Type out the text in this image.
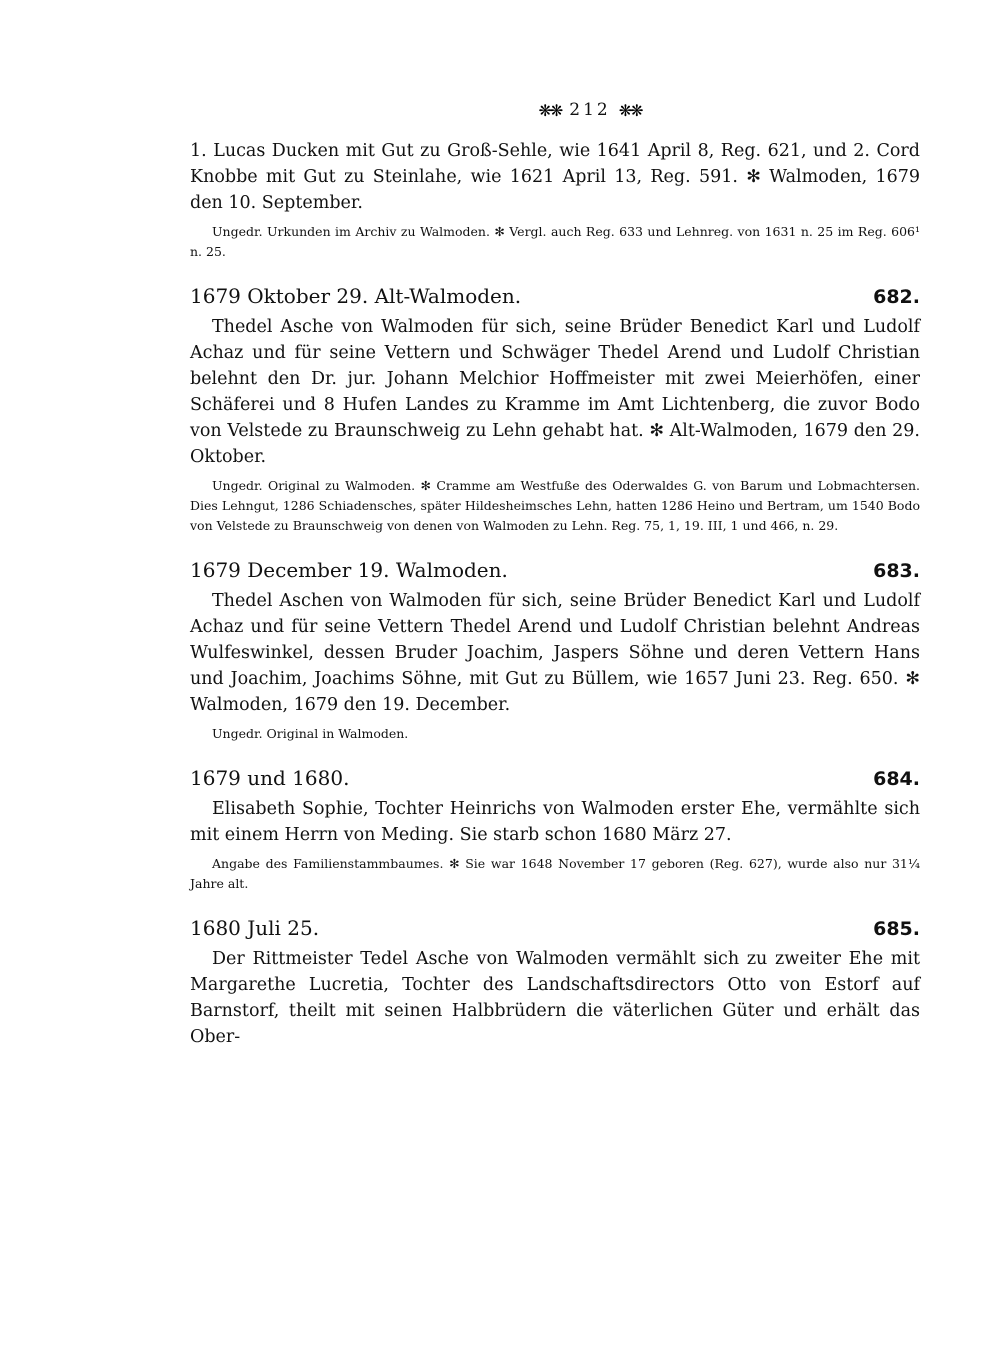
❋❋ 212 ❋❋

1. Lucas Ducken mit Gut zu Groß-Sehle, wie 1641 April 8, Reg. 621, und 2. Cord Knobbe mit Gut zu Steinlahe, wie 1621 April 13, Reg. 591. ✻ Walmoden, 1679 den 10. September.

Ungedr. Urkunden im Archiv zu Walmoden. ✻ Vergl. auch Reg. 633 und Lehnreg. von 1631 n. 25 im Reg. 606¹ n. 25.

1679 Oktober 29. Alt-Walmoden.	682.

Thedel Asche von Walmoden für sich, seine Brüder Benedict Karl und Ludolf Achaz und für seine Vettern und Schwäger Thedel Arend und Ludolf Christian belehnt den Dr. jur. Johann Melchior Hoffmeister mit zwei Meierhöfen, einer Schäferei und 8 Hufen Landes zu Kramme im Amt Lichtenberg, die zuvor Bodo von Velstede zu Braunschweig zu Lehn gehabt hat. ✻ Alt-Walmoden, 1679 den 29. Oktober.

Ungedr. Original zu Walmoden. ✻ Cramme am Westfuße des Oderwaldes G. von Barum und Lobmachtersen. Dies Lehngut, 1286 Schiadensches, später Hildesheimsches Lehn, hatten 1286 Heino und Bertram, um 1540 Bodo von Velstede zu Braunschweig von denen von Walmoden zu Lehn. Reg. 75, 1, 19. III, 1 und 466, n. 29.

1679 December 19. Walmoden.	683.

Thedel Aschen von Walmoden für sich, seine Brüder Benedict Karl und Ludolf Achaz und für seine Vettern Thedel Arend und Ludolf Christian belehnt Andreas Wulfeswinkel, dessen Bruder Joachim, Jaspers Söhne und deren Vettern Hans und Joachim, Joachims Söhne, mit Gut zu Büllem, wie 1657 Juni 23. Reg. 650. ✻ Walmoden, 1679 den 19. December.

Ungedr. Original in Walmoden.

1679 und 1680.	684.

Elisabeth Sophie, Tochter Heinrichs von Walmoden erster Ehe, vermählte sich mit einem Herrn von Meding. Sie starb schon 1680 März 27.

Angabe des Familienstammbaumes. ✻ Sie war 1648 November 17 geboren (Reg. 627), wurde also nur 31¼ Jahre alt.

1680 Juli 25.	685.

Der Rittmeister Tedel Asche von Walmoden vermählt sich zu zweiter Ehe mit Margarethe Lucretia, Tochter des Landschaftsdirectors Otto von Estorf auf Barnstorf, theilt mit seinen Halbbrüdern die väterlichen Güter und erhält das Ober-
